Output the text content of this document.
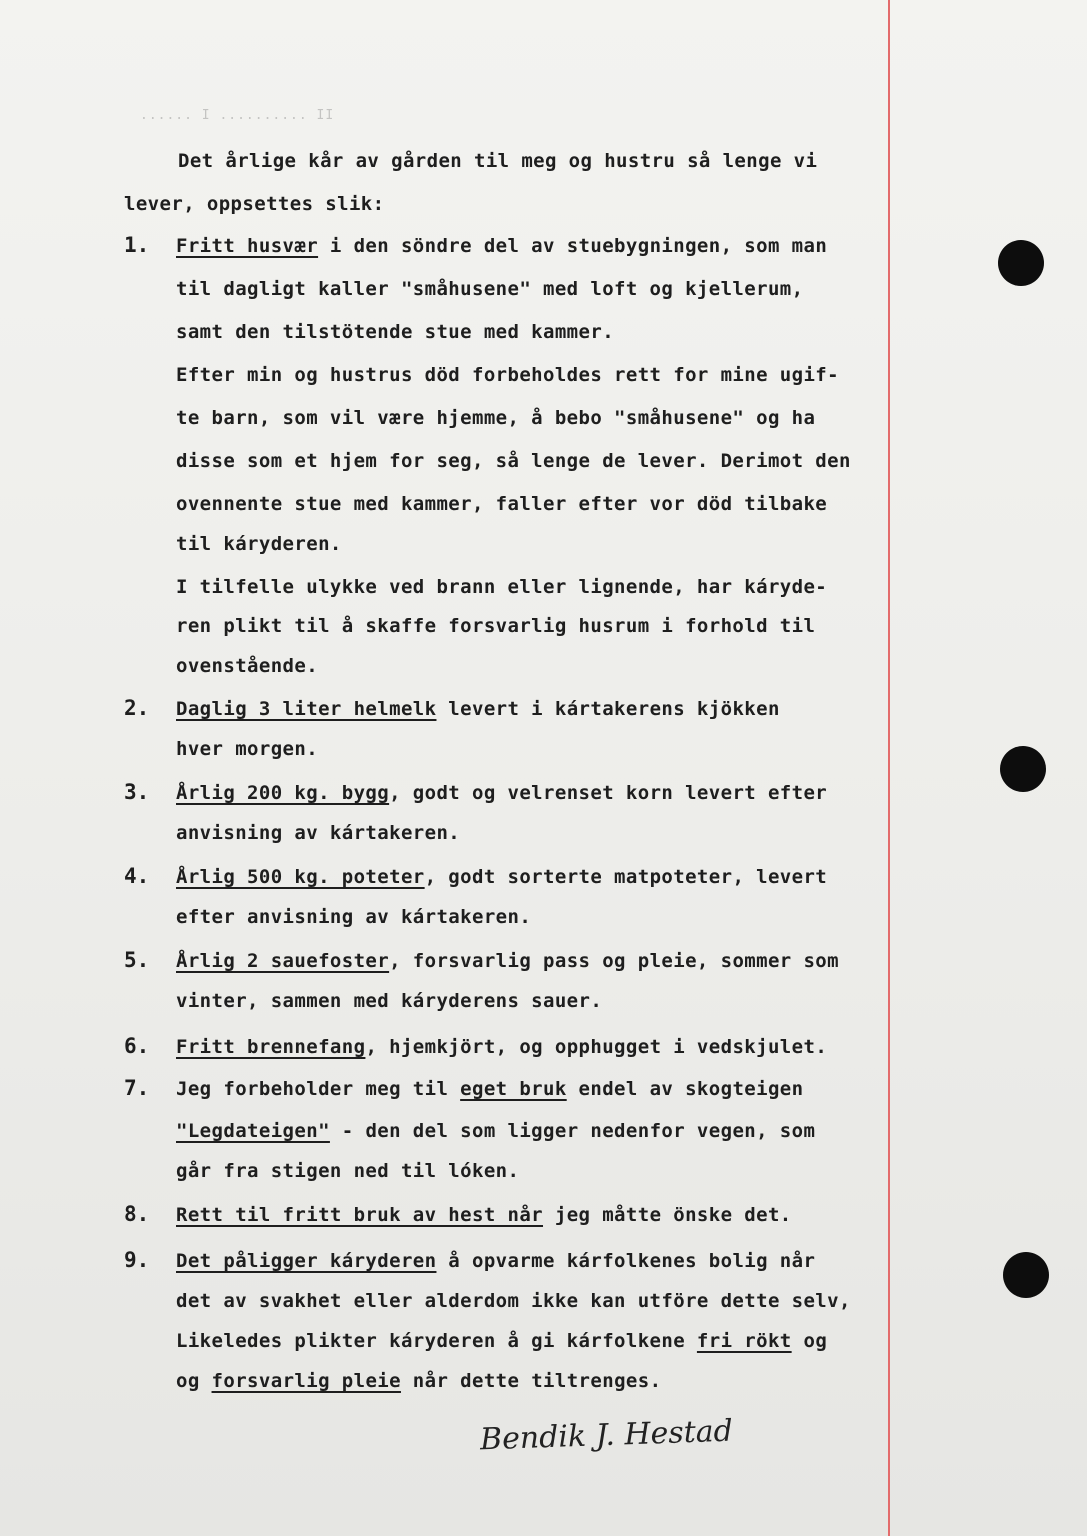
...... I .......... II
Det årlige kår av gården til meg og hustru så lenge vi
lever, oppsettes slik:
1. Fritt husvær i den söndre del av stuebygningen, som man
til dagligt kaller "småhusene" med loft og kjellerum,
samt den tilstötende stue med kammer.
Efter min og hustrus död forbeholdes rett for mine ugif-
te barn, som vil være hjemme, å bebo "småhusene" og ha
disse som et hjem for seg, så lenge de lever. Derimot den
ovennente stue med kammer, faller efter vor död tilbake
til káryderen.
I tilfelle ulykke ved brann eller lignende, har káryde-
ren plikt til å skaffe forsvarlig husrum i forhold til
ovenstående.
2. Daglig 3 liter helmelk levert i kártakerens kjökken
hver morgen.
3. Årlig 200 kg. bygg, godt og velrenset korn levert efter
anvisning av kártakeren.
4. Årlig 500 kg. poteter, godt sorterte matpoteter, levert
efter anvisning av kártakeren.
5. Årlig 2 sauefoster, forsvarlig pass og pleie, sommer som
vinter, sammen med káryderens sauer.
6. Fritt brennefang, hjemkjört, og opphugget i vedskjulet.
7. Jeg forbeholder meg til eget bruk endel av skogteigen
"Legdateigen" - den del som ligger nedenfor vegen, som
går fra stigen ned til lóken.
8. Rett til fritt bruk av hest når jeg måtte önske det.
9. Det påligger káryderen å opvarme kárfolkenes bolig når
det av svakhet eller alderdom ikke kan utföre dette selv,
Likeledes plikter káryderen å gi kárfolkene fri rökt og
og forsvarlig pleie når dette tiltrenges.
Bendik J. Hestad
